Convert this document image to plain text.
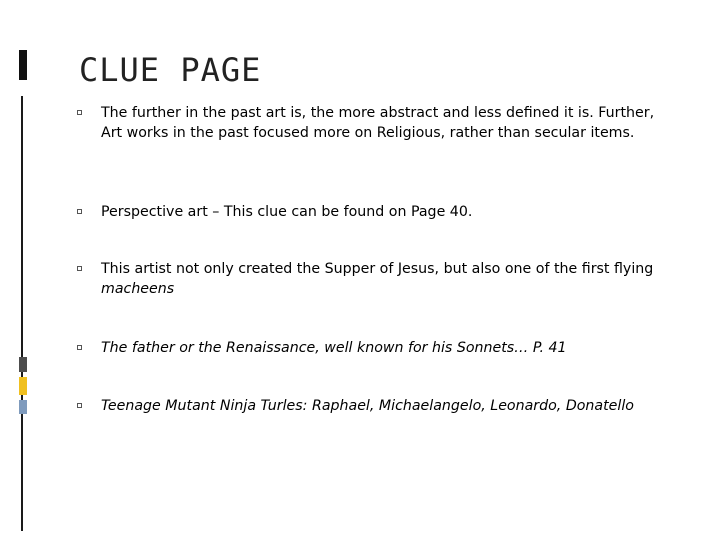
CLUE PAGE

The further in the past art is, the more abstract and less defined it is. Further, Art works in the past focused more on Religious, rather than secular items.

Perspective art – This clue can be found on Page 40.

This artist not only created the Supper of Jesus, but also one of the first flying macheens

The father or the Renaissance, well known for his Sonnets… P. 41

Teenage Mutant Ninja Turles: Raphael, Michaelangelo, Leonardo, Donatello
